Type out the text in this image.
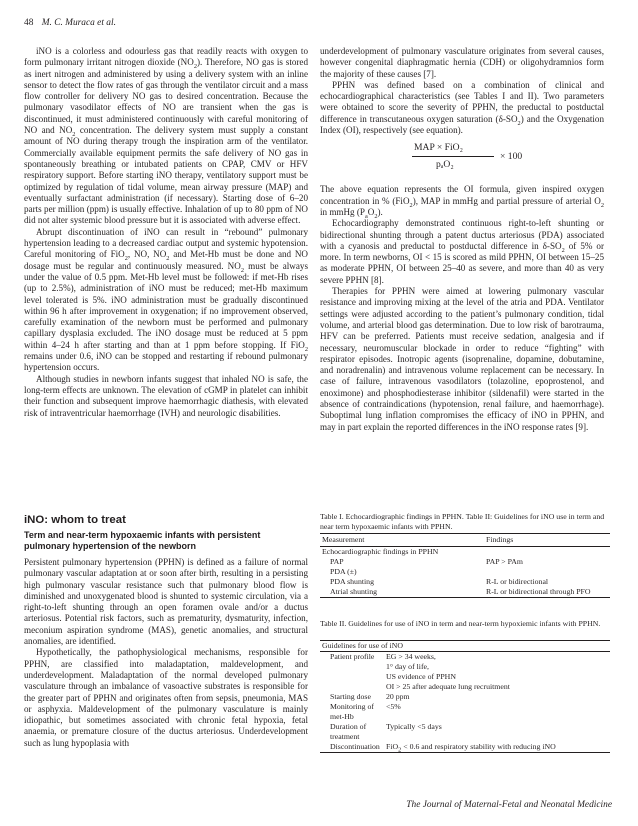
48 M. C. Muraca et al.

iNO is a colorless and odourless gas that readily reacts with oxygen to form pulmonary irritant nitrogen dioxide $(NO_2)$. Therefore, NO gas is stored as inert nitrogen and administered by using a delivery system with an inline sensor to detect the flow rates of gas through the ventilator circuit and a mass flow controller for delivery NO gas to desired concentration. Because the pulmonary vasodilator effects of NO are transient when the gas is discontinued, it must administered continuously with careful monitoring of NO and $NO_2$ concentration. The delivery system must supply a constant amount of NO during therapy trough the inspiration arm of the ventilator. Commercially available equipment permits the safe delivery of NO gas in spontaneously breathing or intubated patients on CPAP, CMV or HFV respiratory support. Before starting iNO therapy, ventilatory support must be optimized by regulation of tidal volume, mean airway pressure (MAP) and eventually surfactant administration (if necessary). Starting dose of 6–20 parts per million (ppm) is usually effective. Inhalation of up to 80 ppm of NO did not alter systemic blood pressure but it is associated with adverse effect.

Abrupt discontinuation of iNO can result in “rebound” pulmonary hypertension leading to a decreased cardiac output and systemic hypotension. Careful monitoring of FiO$_2$, NO, $NO_2$ and Met-Hb must be done and NO dosage must be regular and continuously measured. $NO_2$ must be always under the value of 0.5 ppm. Met-Hb level must be followed: if met-Hb rises (up to 2.5%), administration of iNO must be reduced; met-Hb maximum level tolerated is 5%. iNO administration must be gradually discontinued within 96 h after improvement in oxygenation; if no improvement observed, carefully examination of the newborn must be performed and pulmonary capillary dysplasia excluded. The iNO dosage must be reduced at 5 ppm within 4–24 h after starting and than at 1 ppm before stopping. If FiO$_2$ remains under 0.6, iNO can be stopped and restarting if rebound pulmonary hypertension occurs.

Although studies in newborn infants suggest that inhaled NO is safe, the long-term effects are unknown. The elevation of cGMP in platelet can inhibit their function and subsequent improve haemorrhagic diathesis, with elevated risk of intraventricular haemorrhage (IVH) and neurologic disabilities.

iNO: whom to treat
Term and near-term hypoxaemic infants with persistent pulmonary hypertension of the newborn

Persistent pulmonary hypertension (PPHN) is defined as a failure of normal pulmonary vascular adaptation at or soon after birth, resulting in a persisting high pulmonary vascular resistance such that pulmonary blood flow is diminished and unoxygenated blood is shunted to systemic circulation, via a right-to-left shunting through an open foramen ovale and/or a ductus arteriosus. Potential risk factors, such as prematurity, dysmaturity, infection, meconium aspiration syndrome (MAS), genetic anomalies, and structural anomalies, are identified.

Hypothetically, the pathophysiological mechanisms, responsible for PPHN, are classified into maladaptation, maldevelopment, and underdevelopment. Maladaptation of the normal developed pulmonary vasculature through an imbalance of vasoactive substrates is responsible for the greater part of PPHN and originates often from sepsis, pneumonia, MAS or asphyxia. Maldevelopment of the pulmonary vasculature is mainly idiopathic, but sometimes associated with chronic fetal hypoxia, fetal anaemia, or premature closure of the ductus arteriosus. Underdevelopment such as lung hypoplasia with

underdevelopment of pulmonary vasculature originates from several causes, however congenital diaphragmatic hernia (CDH) or oligohydramnios form the majority of these causes [7].

PPHN was defined based on a combination of clinical and echocardiographical characteristics (see Tables I and II). Two parameters were obtained to score the severity of PPHN, the preductal to postductal difference in transcutaneous oxygen saturation $(\delta-SO_2)$ and the Oxygenation Index (OI), respectively (see equation).

MAP × FiO₂
pₐO₂
× 100

The above equation represents the OI formula, given inspired oxygen concentration in % (FiO$_2$), MAP in mmHg and partial pressure of arterial $O_2$ in mmHg $(P_aO_2)$.

Echocardiography demonstrated continuous right-to-left shunting or bidirectional shunting through a patent ductus arteriosus (PDA) associated with a cyanosis and preductal to postductal difference in $\delta-SO_2$ of 5% or more. In term newborns, OI < 15 is scored as mild PPHN, OI between 15–25 as moderate PPHN, OI between 25–40 as severe, and more than 40 as very severe PPHN [8].

Therapies for PPHN were aimed at lowering pulmonary vascular resistance and improving mixing at the level of the atria and PDA. Ventilator settings were adjusted according to the patient’s pulmonary condition, tidal volume, and arterial blood gas determination. Due to low risk of barotrauma, HFV can be preferred. Patients must receive sedation, analgesia and if necessary, neuromuscular blockade in order to reduce “fighting” with respirator episodes. Inotropic agents (isoprenaline, dopamine, dobutamine, and noradrenalin) and intravenous volume replacement can be necessary. In case of failure, intravenous vasodilators (tolazoline, epoprostenol, and enoximone) and phosphodiesterase inhibitor (sildenafil) were started in the absence of contraindications (hypotension, renal failure, and haemorrhage). Suboptimal lung inflation compromises the efficacy of iNO in PPHN, and may in part explain the reported differences in the iNO response rates [9].

Table I. Echocardiographic findings in PPHN. Table II: Guidelines for iNO use in term and near term hypoxaemic infants with PPHN.
Measurement	Findings
Echocardiographic findings in PPHN	
PAP	PAP > PAm
PDA (±)	
PDA shunting	R-L or bidirectional
Atrial shunting	R-L or bidirectional through PFO
Table II. Guidelines for use of iNO in term and near-term hypoxiemic infants with PPHN.
Guidelines for use of iNO	
Patient profile	EG > 34 weeks,
	1° day of life,
	US evidence of PPHN
	OI > 25 after adequate lung recruitment
Starting dose	20 ppm
Monitoring of met-Hb	<5%
Duration of treatment	Typically <5 days
Discontinuation	FiO$_2$ < 0.6 and respiratory stability with reducing iNO
The Journal of Maternal-Fetal and Neonatal Medicine
